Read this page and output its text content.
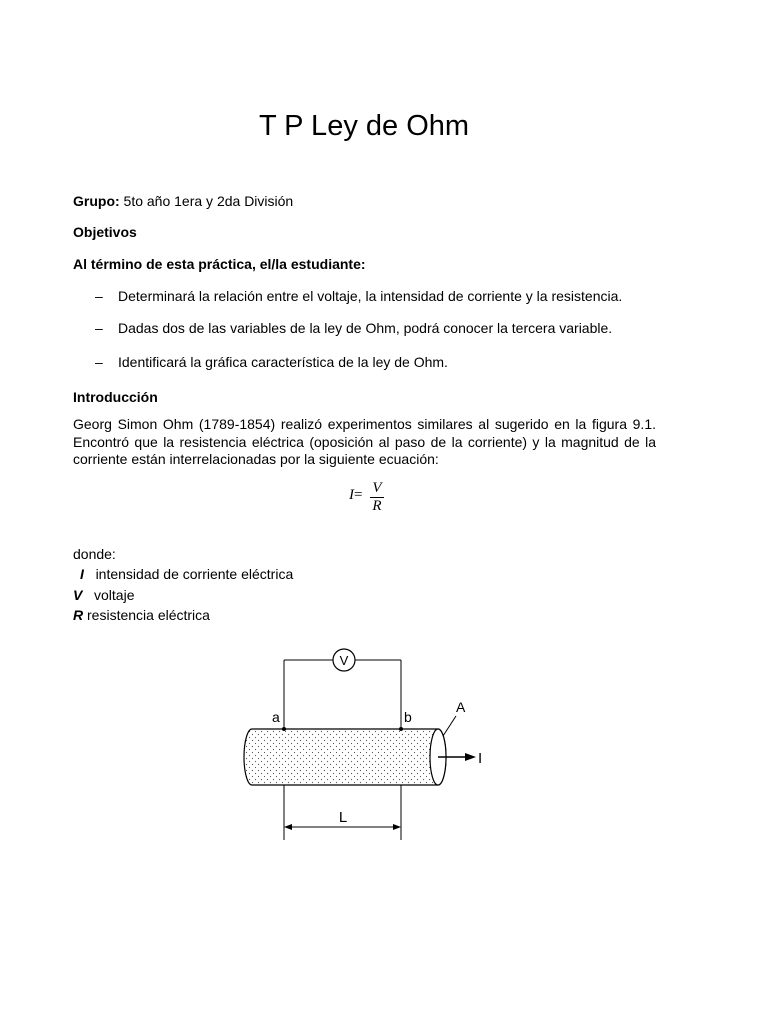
T P Ley de Ohm
Grupo: 5to año 1era y 2da División
Objetivos
Al término de esta práctica, el/la estudiante:
– Determinará la relación entre el voltaje, la intensidad de corriente y la resistencia.
– Dadas dos de las variables de la ley de Ohm, podrá conocer la tercera variable.
– Identificará la gráfica característica de la ley de Ohm.
Introducción
Georg Simon Ohm (1789-1854) realizó experimentos similares al sugerido en la figura 9.1. Encontró que la resistencia eléctrica (oposición al paso de la corriente) y la magnitud de la corriente están interrelacionadas por la siguiente ecuación:
I= V
R
donde:
I intensidad de corriente eléctrica
V voltaje
R resistencia eléctrica
V
a	b
A
I
L
